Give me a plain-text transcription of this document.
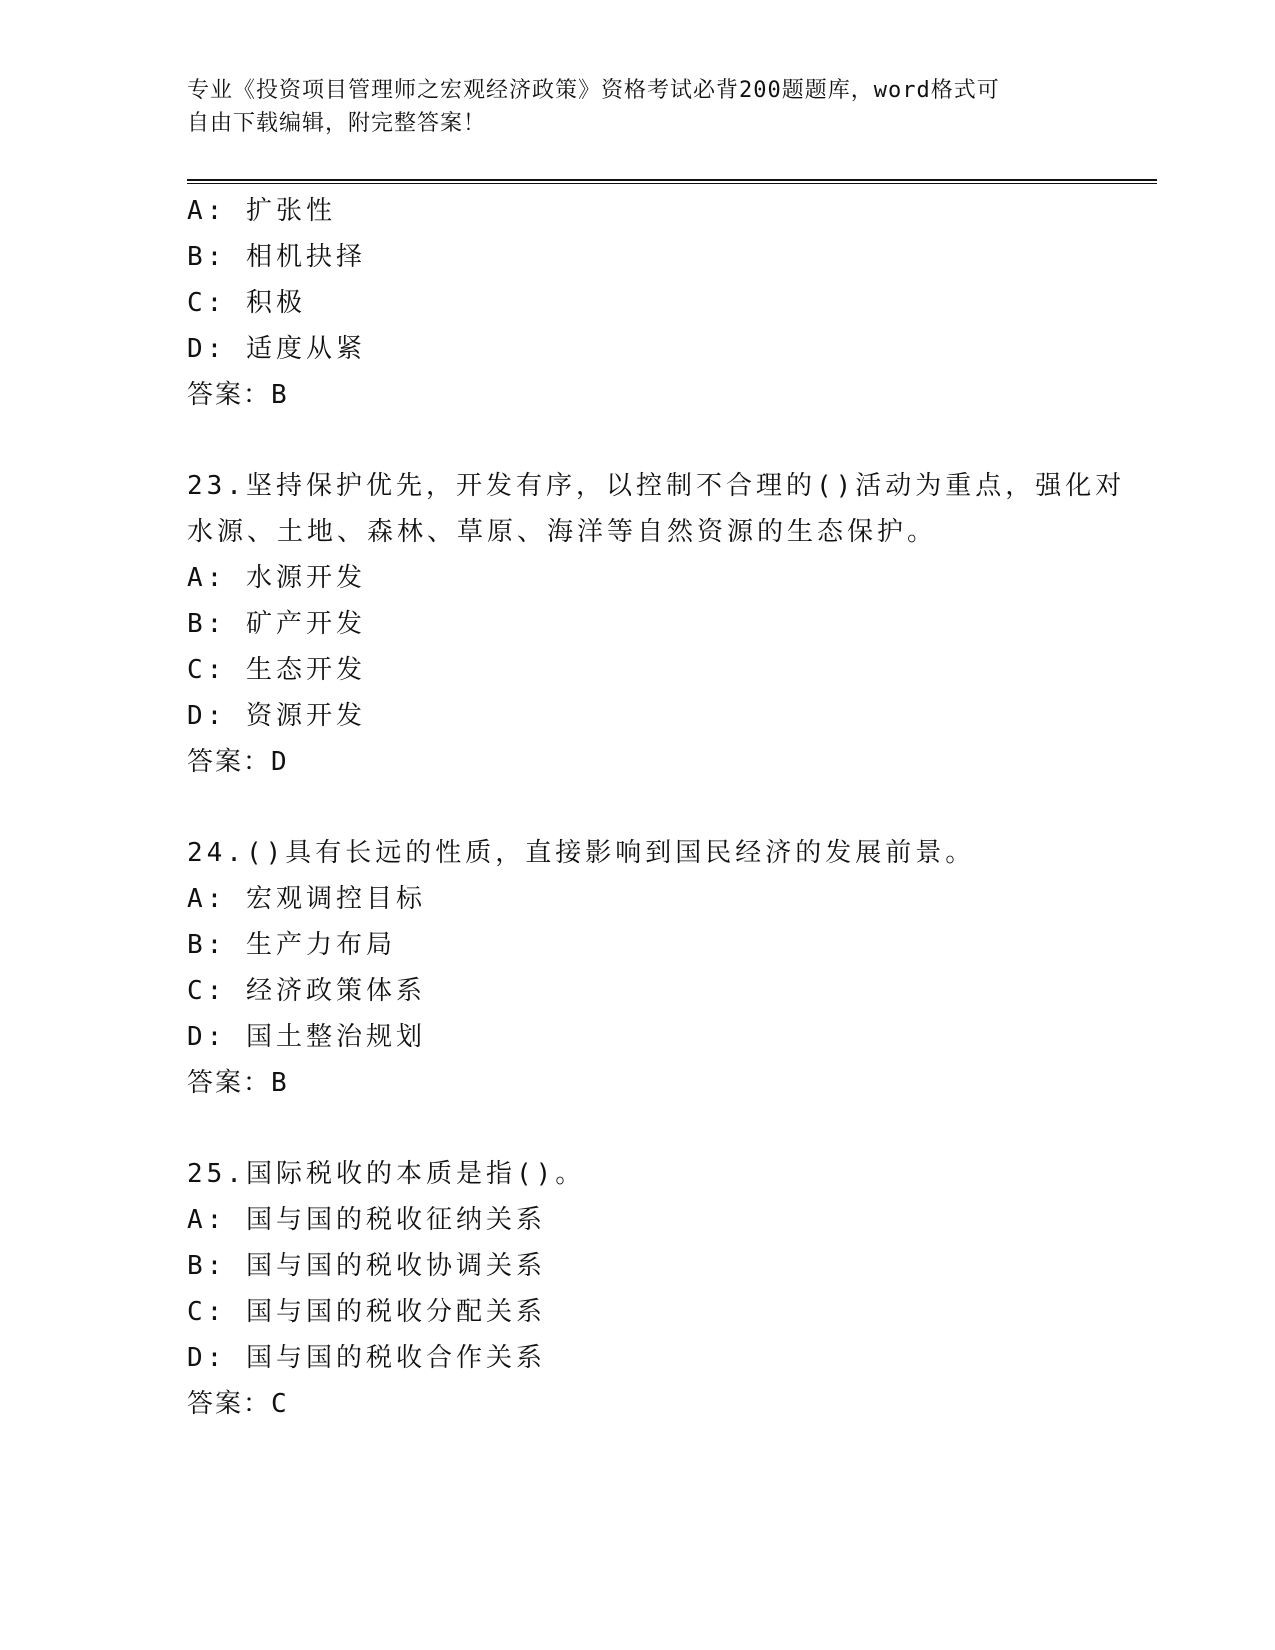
专业《投资项目管理师之宏观经济政策》资格考试必背200题题库，word格式可
自由下载编辑，附完整答案！
A: 扩张性
B: 相机抉择
C: 积极
D: 适度从紧
答案：B
23.坚持保护优先，开发有序，以控制不合理的()活动为重点，强化对
水源、土地、森林、草原、海洋等自然资源的生态保护。
A: 水源开发
B: 矿产开发
C: 生态开发
D: 资源开发
答案：D
24.()具有长远的性质，直接影响到国民经济的发展前景。
A: 宏观调控目标
B: 生产力布局
C: 经济政策体系
D: 国土整治规划
答案：B
25.国际税收的本质是指()。
A: 国与国的税收征纳关系
B: 国与国的税收协调关系
C: 国与国的税收分配关系
D: 国与国的税收合作关系
答案：C
